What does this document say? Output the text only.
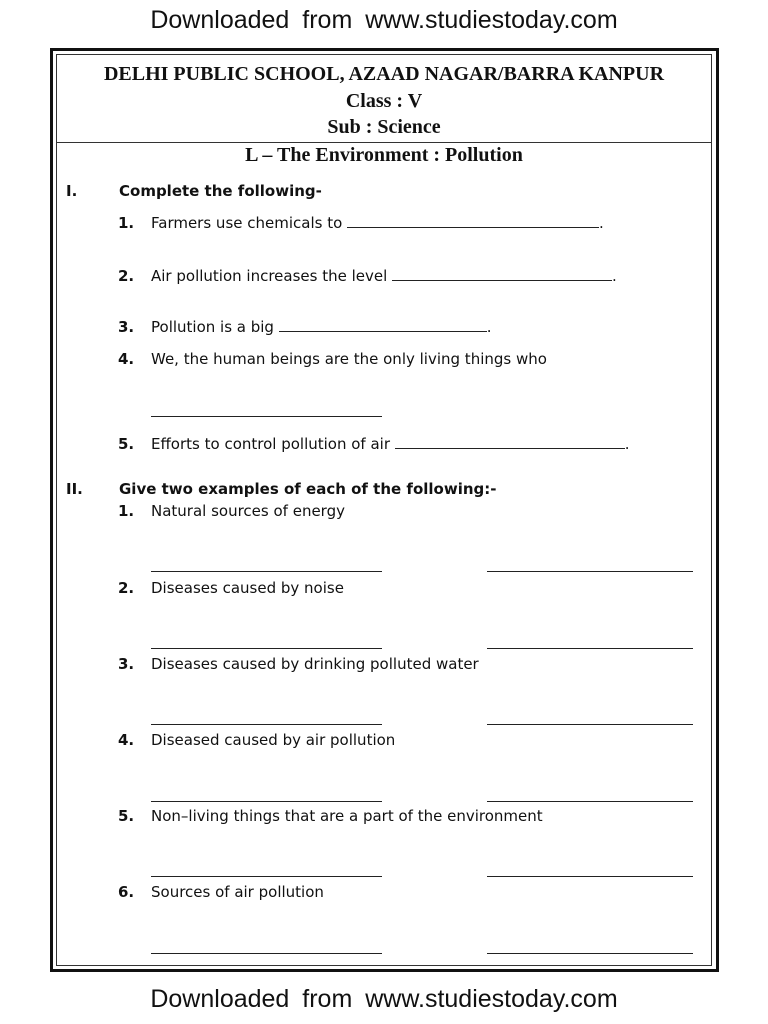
Downloaded from www.studiestoday.com
DELHI PUBLIC SCHOOL, AZAAD NAGAR/BARRA KANPUR
Class : V
Sub : Science
L – The Environment : Pollution
I.	Complete the following-
1. Farmers use chemicals to	.
2. Air pollution increases the level	.
3. Pollution is a big	.
4. We, the human beings are the only living things who
5. Efforts to control pollution of air	.
II. Give two examples of each of the following:-
1. Natural sources of energy
2. Diseases caused by noise
3. Diseases caused by drinking polluted water
4. Diseased caused by air pollution
5. Non–living things that are a part of the environment
6. Sources of air pollution
Downloaded from www.studiestoday.com
